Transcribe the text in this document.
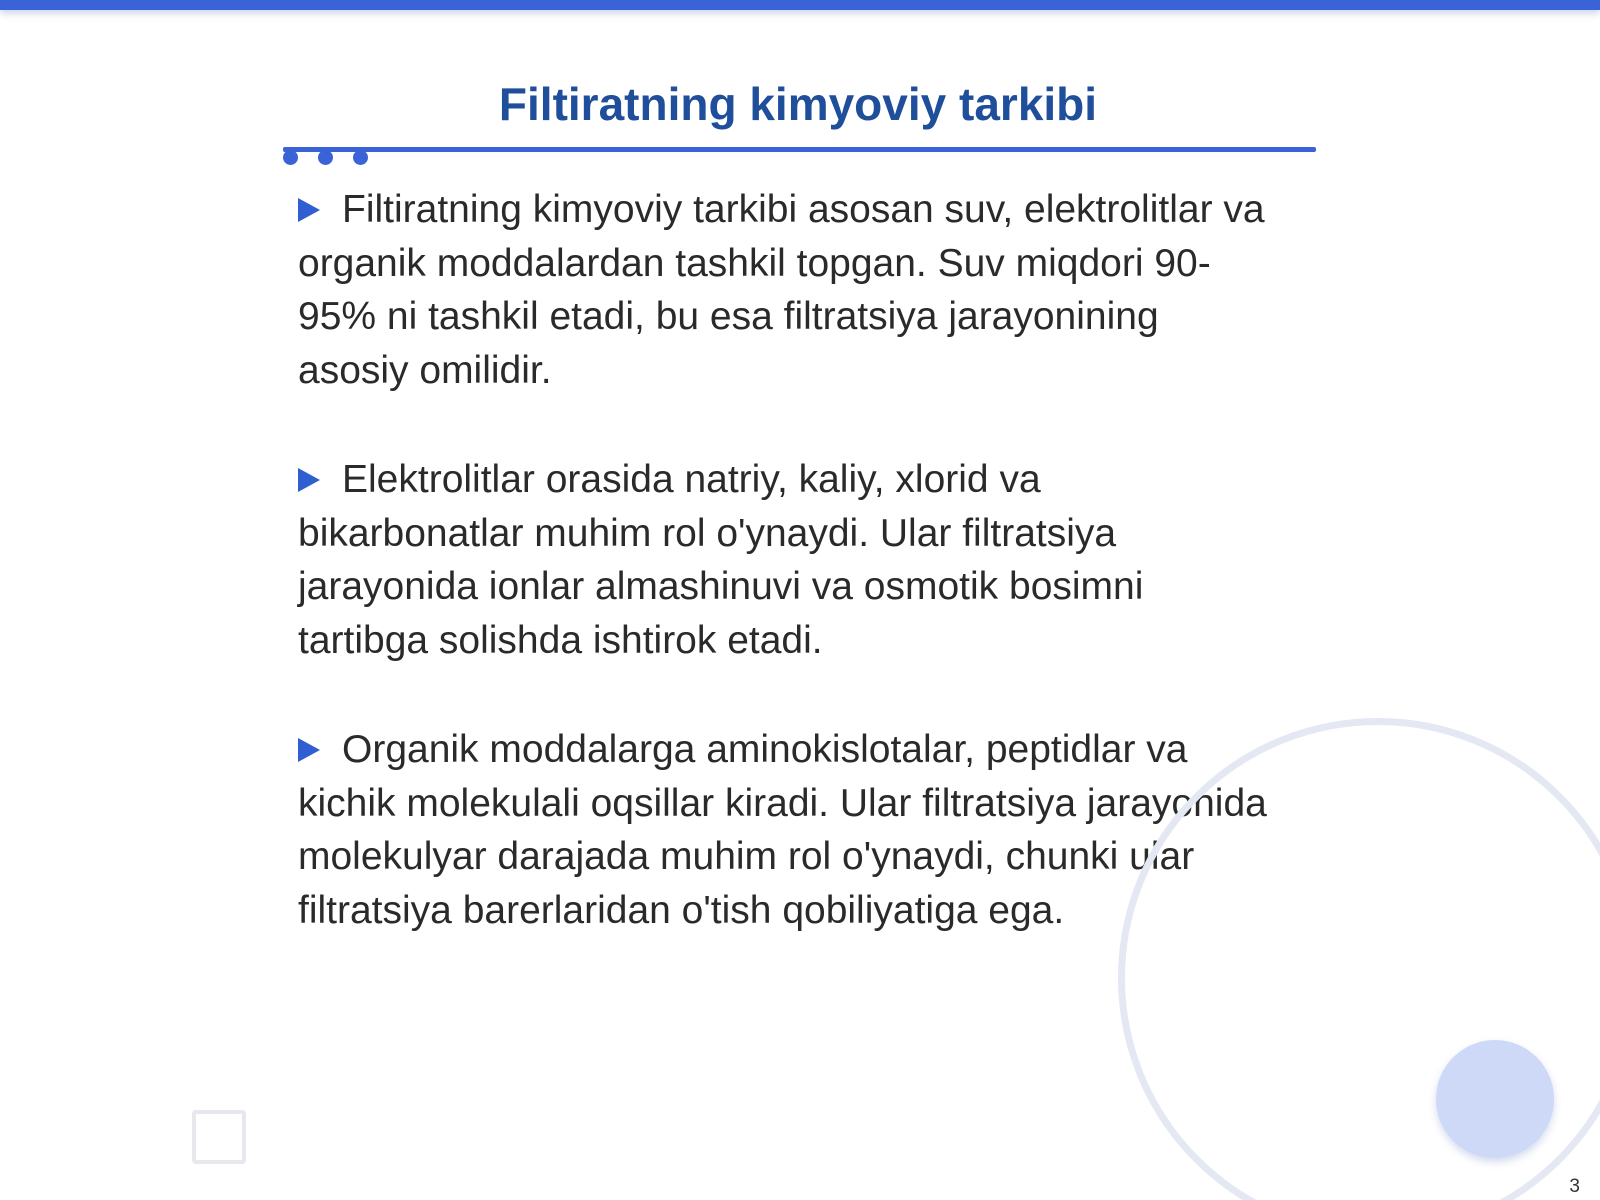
Filtiratning kimyoviy tarkibi

Filtiratning kimyoviy tarkibi asosan suv, elektrolitlar va organik moddalardan tashkil topgan. Suv miqdori 90-95% ni tashkil etadi, bu esa filtratsiya jarayonining asosiy omilidir.

Elektrolitlar orasida natriy, kaliy, xlorid va bikarbonatlar muhim rol o'ynaydi. Ular filtratsiya jarayonida ionlar almashinuvi va osmotik bosimni tartibga solishda ishtirok etadi.

Organik moddalarga aminokislotalar, peptidlar va kichik molekulali oqsillar kiradi. Ular filtratsiya jarayonida molekulyar darajada muhim rol o'ynaydi, chunki ular filtratsiya barerlaridan o'tish qobiliyatiga ega.

3
